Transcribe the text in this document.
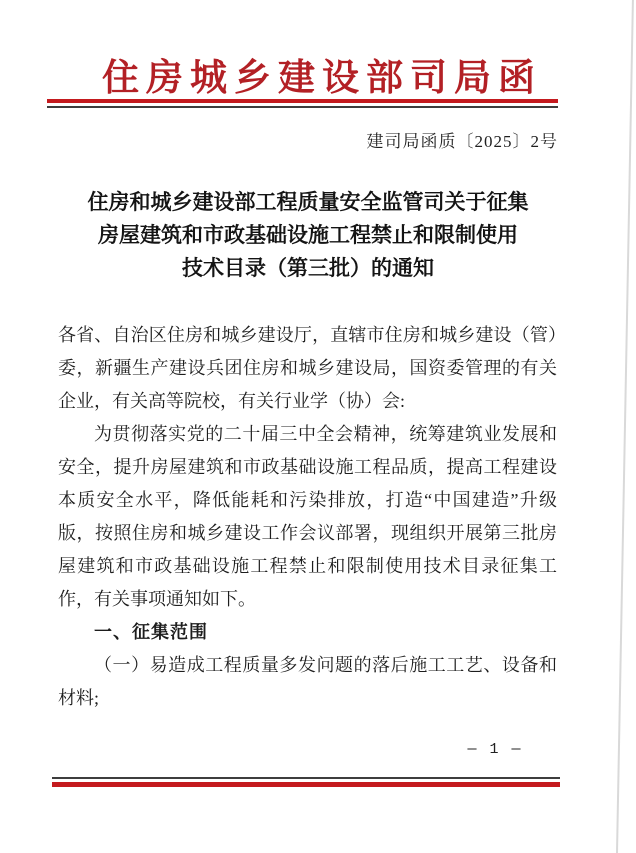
住房城乡建设部司局函
建司局函质〔2025〕2号
住房和城乡建设部工程质量安全监管司关于征集
房屋建筑和市政基础设施工程禁止和限制使用
技术目录（第三批）的通知

各省、自治区住房和城乡建设厅，直辖市住房和城乡建设（管）委，新疆生产建设兵团住房和城乡建设局，国资委管理的有关企业，有关高等院校，有关行业学（协）会:

为贯彻落实党的二十届三中全会精神，统筹建筑业发展和安全，提升房屋建筑和市政基础设施工程品质，提高工程建设本质安全水平，降低能耗和污染排放，打造“中国建造”升级版，按照住房和城乡建设工作会议部署，现组织开展第三批房屋建筑和市政基础设施工程禁止和限制使用技术目录征集工作，有关事项通知如下。

一、征集范围

（一）易造成工程质量多发问题的落后施工工艺、设备和材料;

— 1 —
